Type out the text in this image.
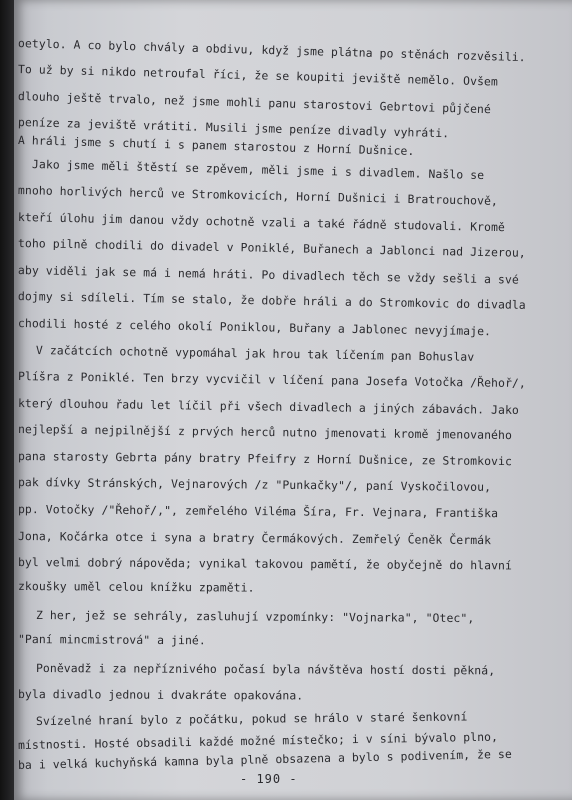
oetylo. A co bylo chvály a obdivu, když jsme plátna po stěnách rozvěsili.
To už by si nikdo netroufal říci, že se koupiti jeviště nemělo. Ovšem
dlouho ještě trvalo, než jsme mohli panu starostovi Gebrtovi půjčené
peníze za jeviště vrátiti. Musili jsme peníze divadly vyhráti.
A hráli jsme s chutí i s panem starostou z Horní Dušnice.
Jako jsme měli štěstí se zpěvem, měli jsme i s divadlem. Našlo se
mnoho horlivých herců ve Stromkovicích, Horní Dušnici i Bratrouchově,
kteří úlohu jim danou vždy ochotně vzali a také řádně studovali. Kromě
toho pilně chodili do divadel v Poniklé, Buřanech a Jablonci nad Jizerou,
aby viděli jak se má i nemá hráti. Po divadlech těch se vždy sešli a své
dojmy si sdíleli. Tím se stalo, že dobře hráli a do Stromkovic do divadla
chodili hosté z celého okolí Poniklou, Buřany a Jablonec nevyjímaje.
V začátcích ochotně vypomáhal jak hrou tak líčením pan Bohuslav
Plíšra z Poniklé. Ten brzy vycvičil v líčení pana Josefa Votočka /Řehoř/,
který dlouhou řadu let líčil při všech divadlech a jiných zábavách. Jako
nejlepší a nejpilnější z prvých herců nutno jmenovati kromě jmenovaného
pana starosty Gebrta pány bratry Pfeifry z Horní Dušnice, ze Stromkovic
pak dívky Stránských, Vejnarových /z "Punkačky"/, paní Vyskočilovou,
pp. Votočky /"Řehoř/,", zemřelého Viléma Šíra, Fr. Vejnara, Františka
Jona, Kočárka otce i syna a bratry Čermákových. Zemřelý Čeněk Čermák
byl velmi dobrý nápověda; vynikal takovou pamětí, že obyčejně do hlavní
zkoušky uměl celou knížku zpaměti.
Z her, jež se sehrály, zasluhují vzpomínky: "Vojnarka", "Otec",
"Paní mincmistrová" a jiné.
Poněvadž i za nepříznivého počasí byla návštěva hostí dosti pěkná,
byla divadlo jednou i dvakráte opakována.
Svízelné hraní bylo z počátku, pokud se hrálo v staré šenkovní
místnosti. Hosté obsadili každé možné místečko; i v síni bývalo plno,
ba i velká kuchyňská kamna byla plně obsazena a bylo s podivením, že se
- 190 -
